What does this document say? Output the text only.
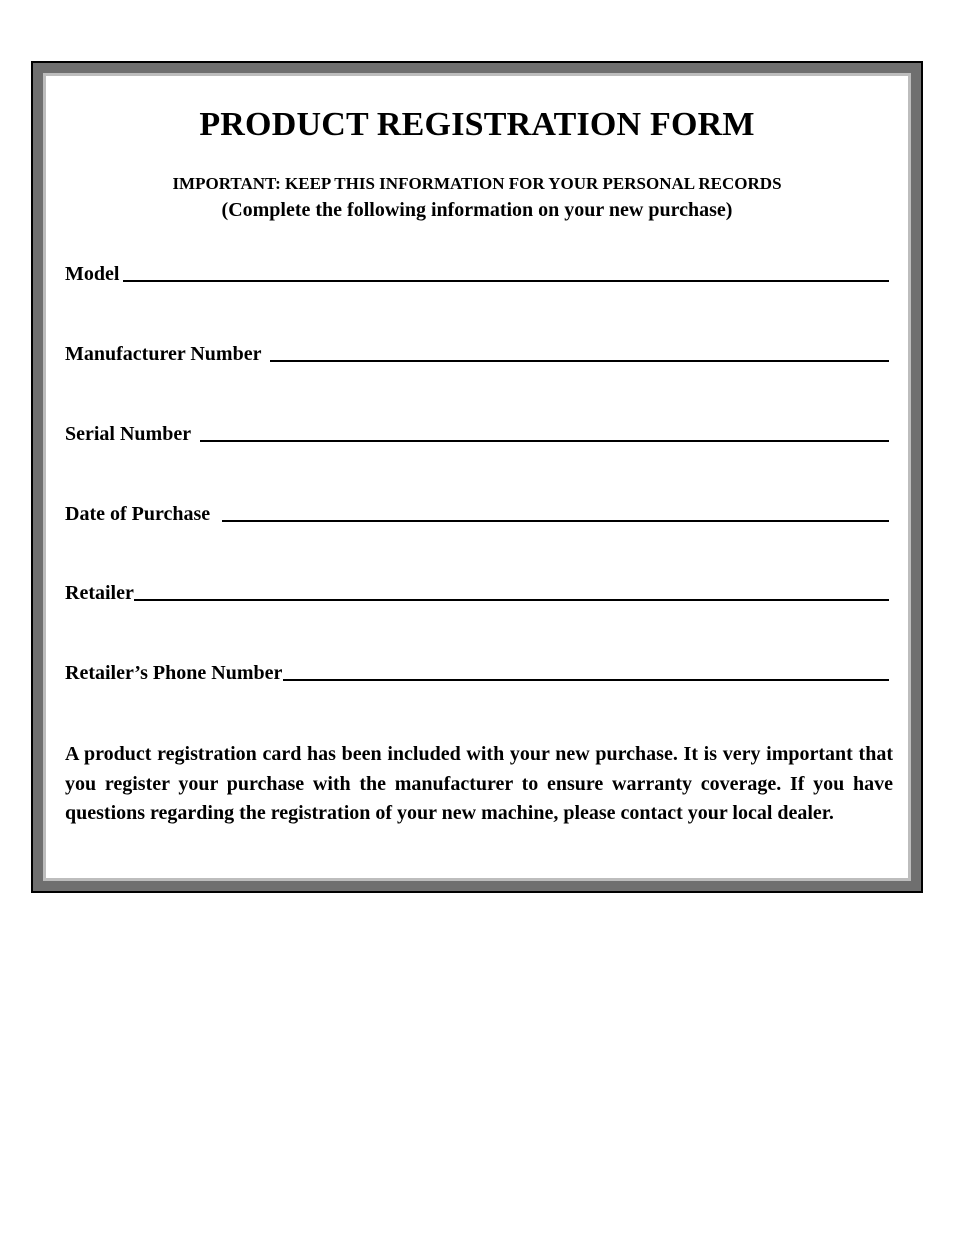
PRODUCT REGISTRATION FORM

IMPORTANT: KEEP THIS INFORMATION FOR YOUR PERSONAL RECORDS

(Complete the following information on your new purchase)

Model
Manufacturer Number
Serial Number
Date of Purchase
Retailer
Retailer’s Phone Number

A product registration card has been included with your new purchase. It is very important that you register your purchase with the manufacturer to ensure warranty coverage. If you have questions regarding the registration of your new machine, please contact your local dealer.
